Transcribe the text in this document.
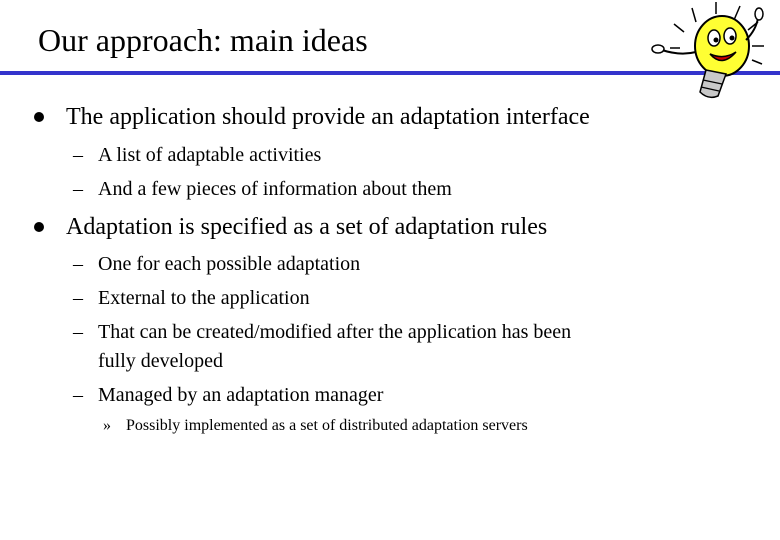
Our approach: main ideas
The application should provide an adaptation interface
– A list of adaptable activities
– And a few pieces of information about them
Adaptation is specified as a set of adaptation rules
– One for each possible adaptation
– External to the application
– That can be created/modified after the application has been
fully developed
– Managed by an adaptation manager
» Possibly implemented as a set of distributed adaptation servers
